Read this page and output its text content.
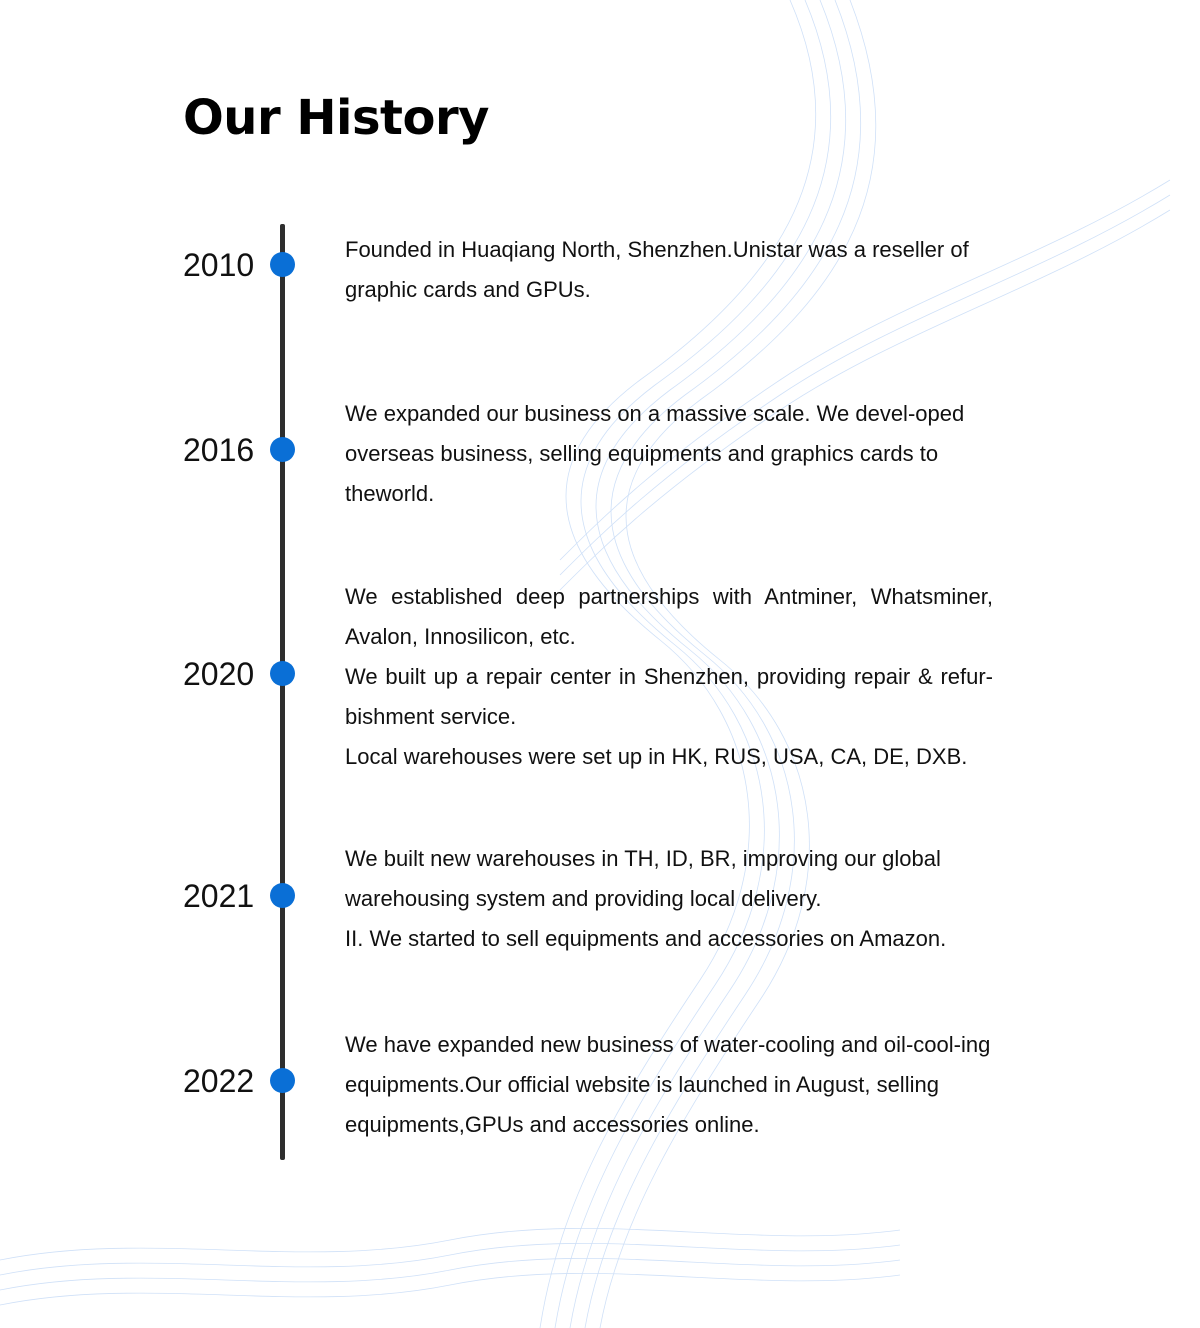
Our History
2010	Founded in Huaqiang North, Shenzhen.Unistar was a reseller of graphic cards and GPUs.

2016

We expanded our business on a massive scale. We devel-oped overseas business, selling equipments and graphics cards to theworld.

2020

We established deep partnerships with Antminer, Whatsminer, Avalon, Innosilicon, etc.

We built up a repair center in Shenzhen, providing repair & refur-bishment service.

Local warehouses were set up in HK, RUS, USA, CA, DE, DXB.

2021

We built new warehouses in TH, ID, BR, improving our global warehousing system and providing local delivery.

II. We started to sell equipments and accessories on Amazon.

2022

We have expanded new business of water-cooling and oil-cool-ing equipments.Our official website is launched in August, selling equipments,GPUs and accessories online.
